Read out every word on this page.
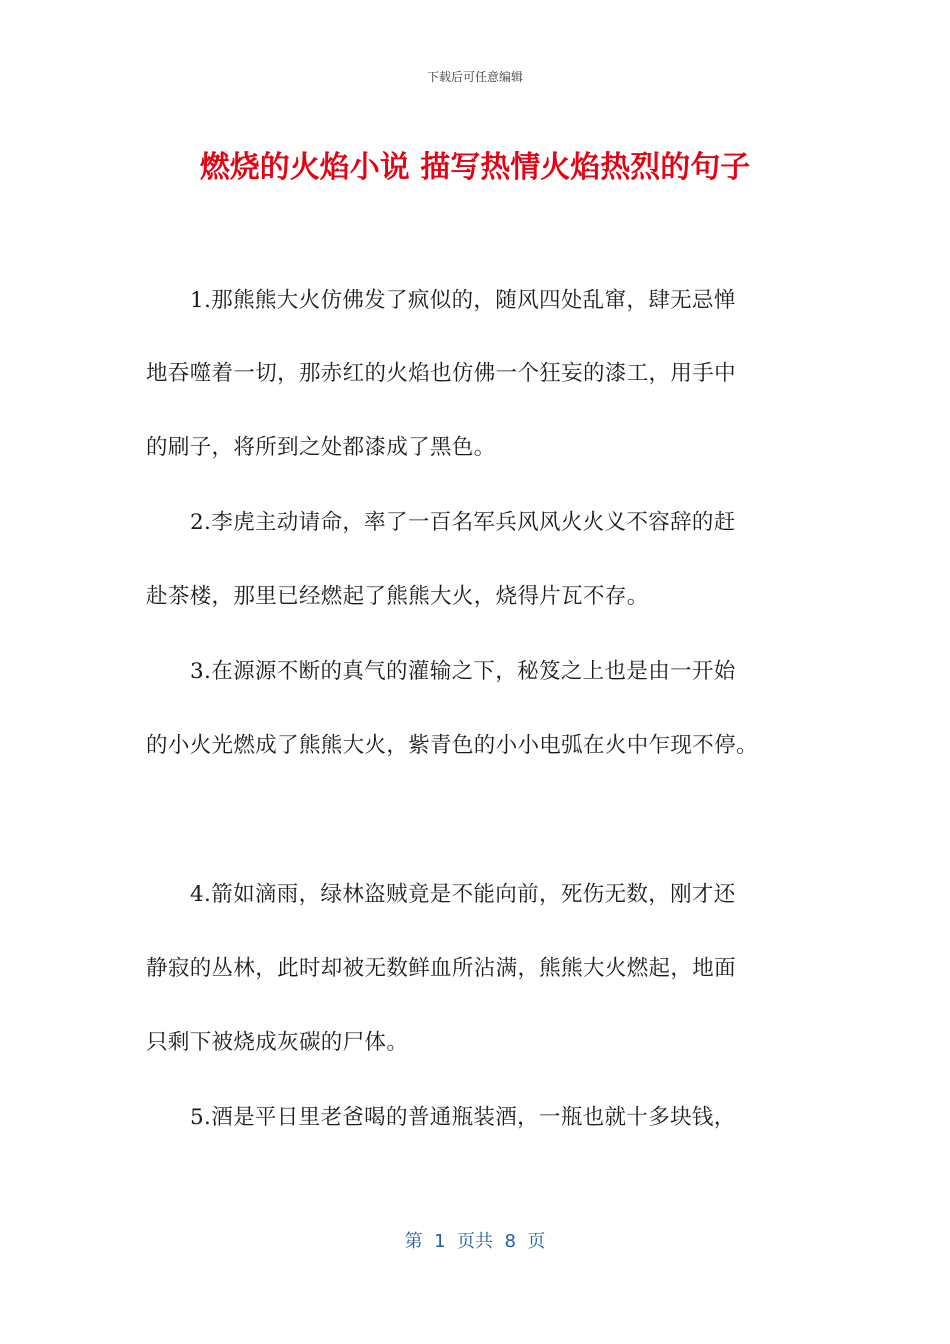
下载后可任意编辑
燃烧的火焰小说 描写热情火焰热烈的句子
1.那熊熊大火仿佛发了疯似的，随风四处乱窜，肆无忌惮
地吞噬着一切，那赤红的火焰也仿佛一个狂妄的漆工，用手中
的刷子，将所到之处都漆成了黑色。
2.李虎主动请命，率了一百名军兵风风火火义不容辞的赶
赴茶楼，那里已经燃起了熊熊大火，烧得片瓦不存。
3.在源源不断的真气的灌输之下，秘笈之上也是由一开始
的小火光燃成了熊熊大火，紫青色的小小电弧在火中乍现不停。
4.箭如滴雨，绿林盗贼竟是不能向前，死伤无数，刚才还
静寂的丛林，此时却被无数鲜血所沾满，熊熊大火燃起，地面
只剩下被烧成灰碳的尸体。
5.酒是平日里老爸喝的普通瓶装酒，一瓶也就十多块钱，
第  1  页共  8  页
